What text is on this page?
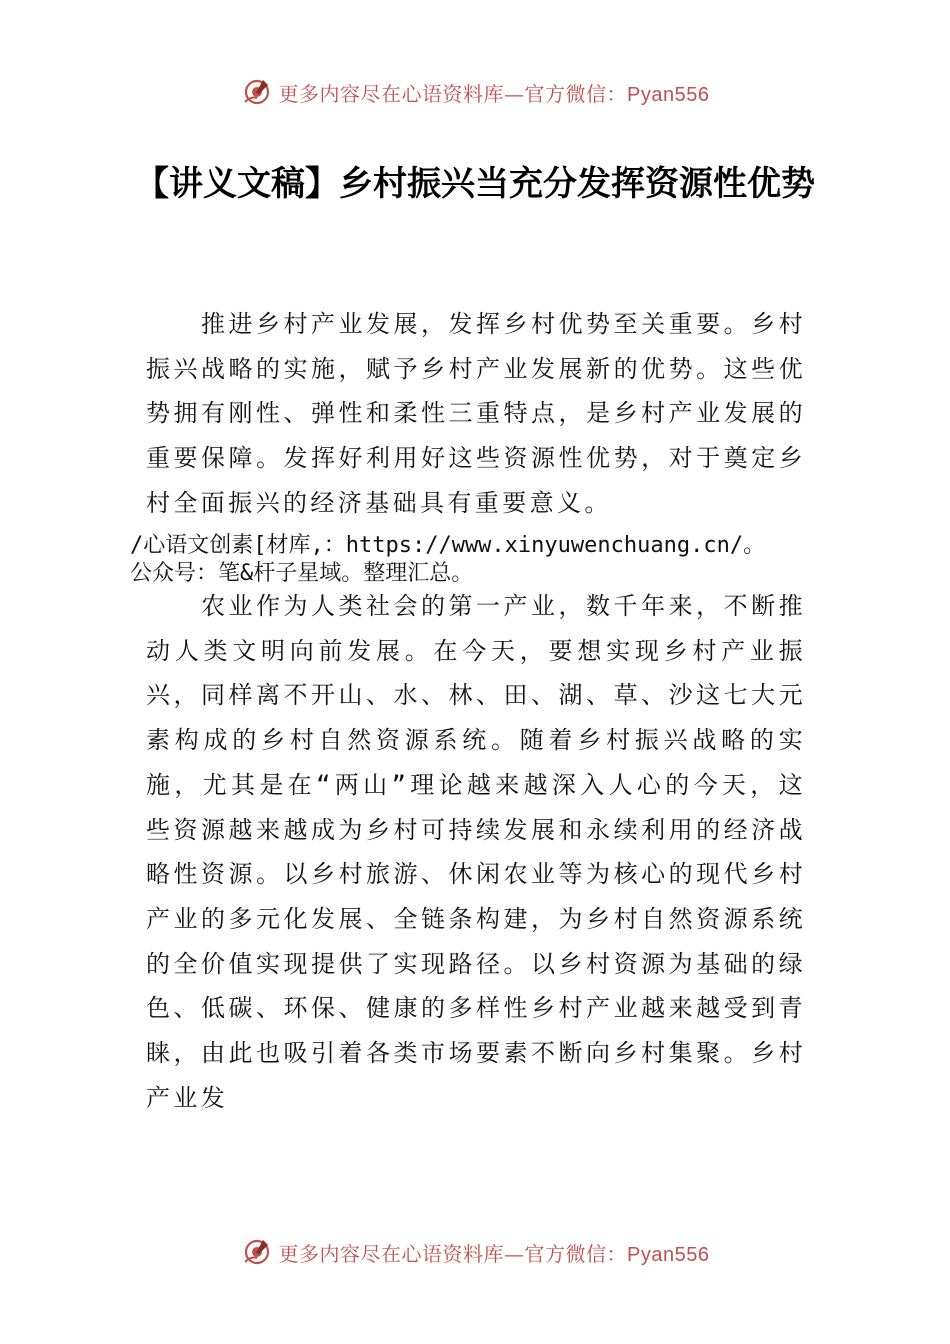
更多内容尽在心语资料库—官方微信：Pyan556
【讲义文稿】乡村振兴当充分发挥资源性优势

推进乡村产业发展，发挥乡村优势至关重要。乡村振兴战略的实施，赋予乡村产业发展新的优势。这些优势拥有刚性、弹性和柔性三重特点，是乡村产业发展的重要保障。发挥好利用好这些资源性优势，对于奠定乡村全面振兴的经济基础具有重要意义。

/心语文创素[材库,：https://www.xinyuwenchuang.cn/。
公众号：笔&杆子星域。整理汇总。

农业作为人类社会的第一产业，数千年来，不断推动人类文明向前发展。在今天，要想实现乡村产业振兴，同样离不开山、水、林、田、湖、草、沙这七大元素构成的乡村自然资源系统。随着乡村振兴战略的实施，尤其是在“两山”理论越来越深入人心的今天，这些资源越来越成为乡村可持续发展和永续利用的经济战略性资源。以乡村旅游、休闲农业等为核心的现代乡村产业的多元化发展、全链条构建，为乡村自然资源系统的全价值实现提供了实现路径。以乡村资源为基础的绿色、低碳、环保、健康的多样性乡村产业越来越受到青睐，由此也吸引着各类市场要素不断向乡村集聚。乡村产业发

更多内容尽在心语资料库—官方微信：Pyan556
